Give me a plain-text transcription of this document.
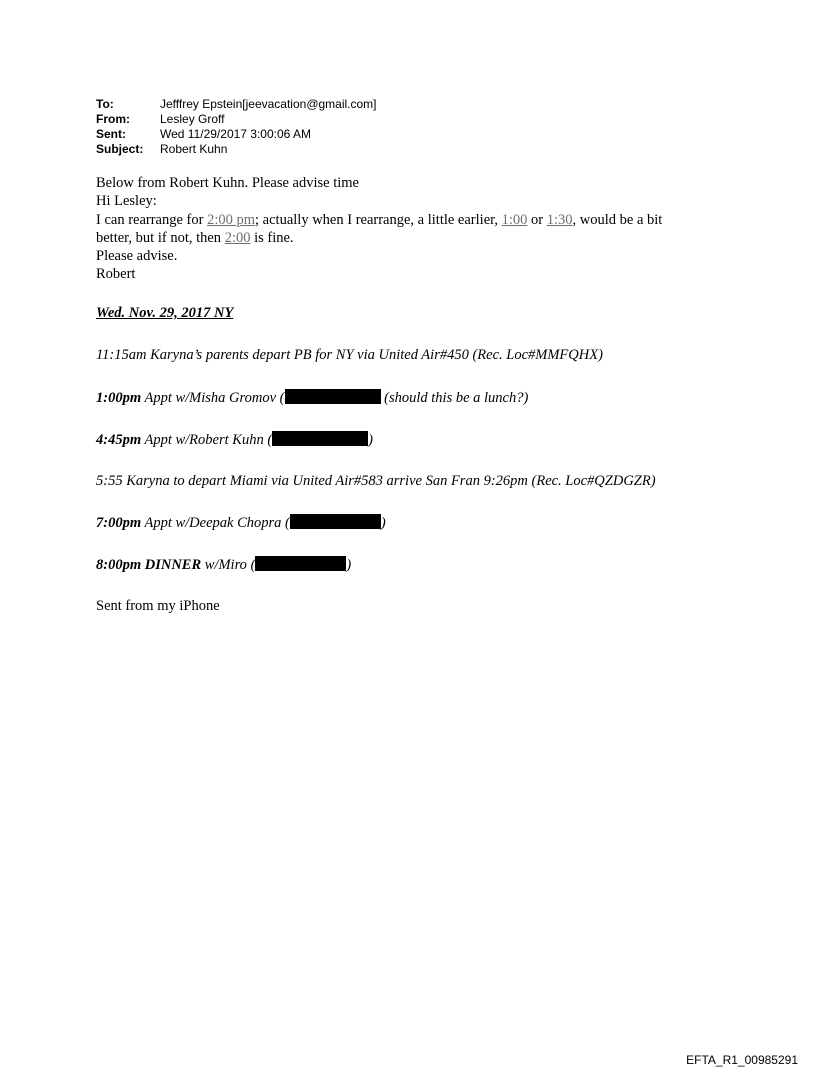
To:	Jefffrey Epstein[jeevacation@gmail.com]
From:	Lesley Groff
Sent:	Wed 11/29/2017 3:00:06 AM
Subject:	Robert Kuhn

Below from Robert Kuhn. Please advise time

Hi Lesley:

I can rearrange for 2:00 pm; actually when I rearrange, a little earlier, 1:00 or 1:30, would be a bit

better, but if not, then 2:00 is fine.

Please advise.

Robert

Wed. Nov. 29, 2017 NY
11:15am Karyna’s parents depart PB for NY via United Air#450 (Rec. Loc#MMFQHX)
1:00pm Appt w/Misha Gromov (	(should this be a lunch?)
4:45pm Appt w/Robert Kuhn (	)
5:55 Karyna to depart Miami via United Air#583 arrive San Fran 9:26pm (Rec. Loc#QZDGZR)
7:00pm Appt w/Deepak Chopra (	)
8:00pm DINNER w/Miro (	)
Sent from my iPhone
EFTA_R1_00985291
